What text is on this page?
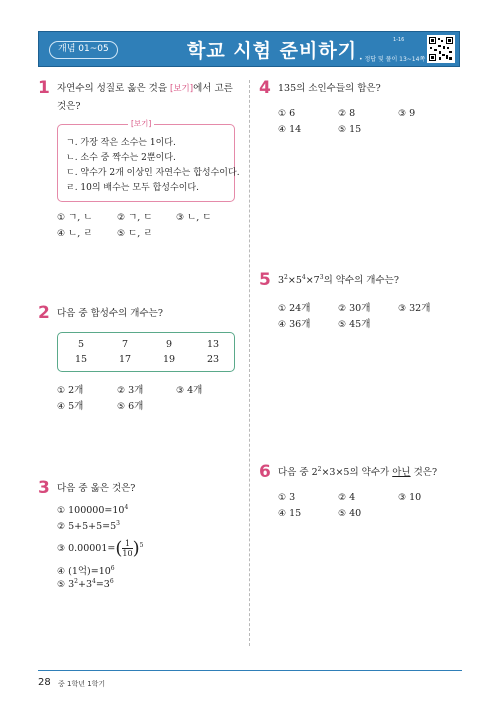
개념 01~05	학교 시험 준비하기	1-16
• 정답 및 풀이 13~14쪽
1 자연수의 성질로 옳은 것을 [보기]에서 고른 것은?
[보기]
ㄱ. 가장 작은 소수는 1이다.
ㄴ. 소수 중 짝수는 2뿐이다.
ㄷ. 약수가 2개 이상인 자연수는 합성수이다.
ㄹ. 10의 배수는 모두 합성수이다.
① ㄱ, ㄴ	② ㄱ, ㄷ	③ ㄴ, ㄷ
④ ㄴ, ㄹ	⑤ ㄷ, ㄹ
2 다음 중 합성수의 개수는?
5	7	9	13
15	17	19	23
① 2개	② 3개	③ 4개
④ 5개	⑤ 6개
3 다음 중 옳은 것은?
① $100000=10^4$
② $5+5+5=5^3$
③ $0.00001=( \frac{1}{10})^5$
④ (1억)$=10^6$
⑤ $3^2+3^4=3^6$
4 135의 소인수들의 합은?
① 6	② 8	③ 9
④ 14	⑤ 15
5 $3^2\times 5^4\times 7^3$의 약수의 개수는?
① 24개	② 30개	③ 32개
④ 36개	⑤ 45개
6 다음 중 $2^2\times 3\times 5$의 약수가 아닌 것은?
① 3	② 4	③ 10
④ 15	⑤ 40
28 중 1학년 1학기
